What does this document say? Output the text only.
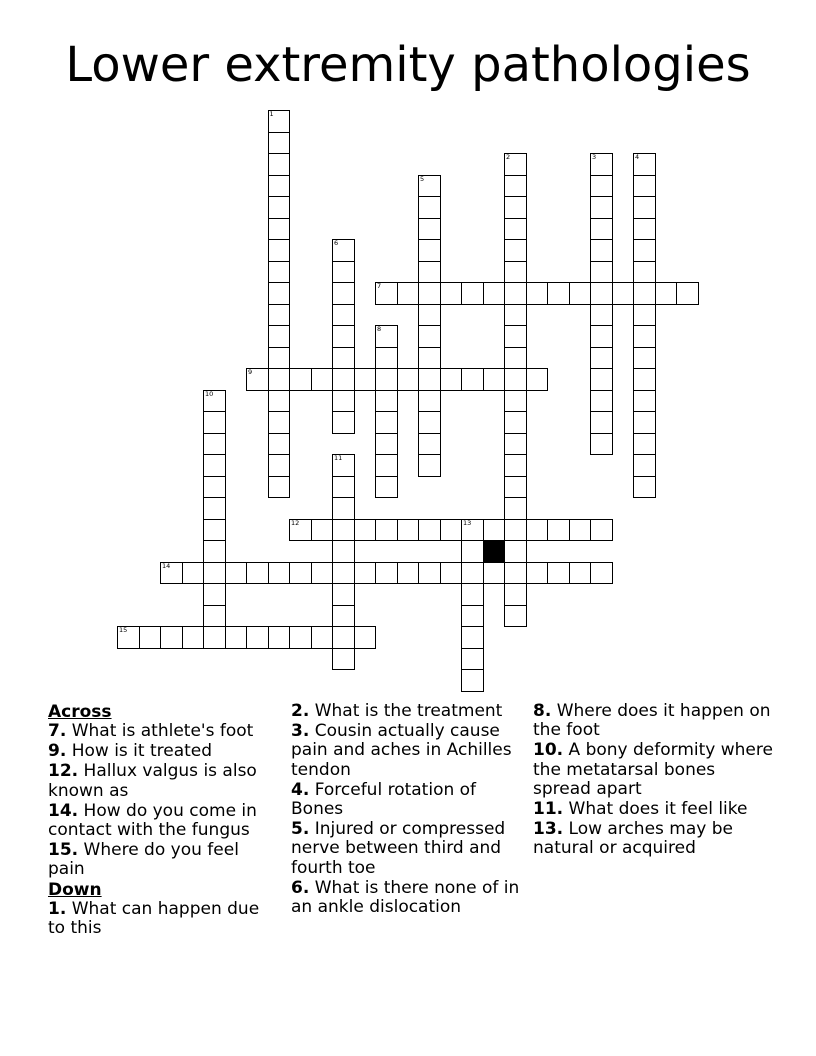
Lower extremity pathologies
1
2	3	4
5
6
7
8
9
10
11
12	13
14
15
Across
7. What is athlete's foot
9. How is it treated
12. Hallux valgus is also known as
14. How do you come in contact with the fungus
15. Where do you feel pain
Down
1. What can happen due to this
2. What is the treatment
3. Cousin actually cause pain and aches in Achilles tendon
4. Forceful rotation of Bones
5. Injured or compressed nerve between third and fourth toe
6. What is there none of in an ankle dislocation
8. Where does it happen on the foot
10. A bony deformity where the metatarsal bones spread apart
11. What does it feel like
13. Low arches may be natural or acquired
